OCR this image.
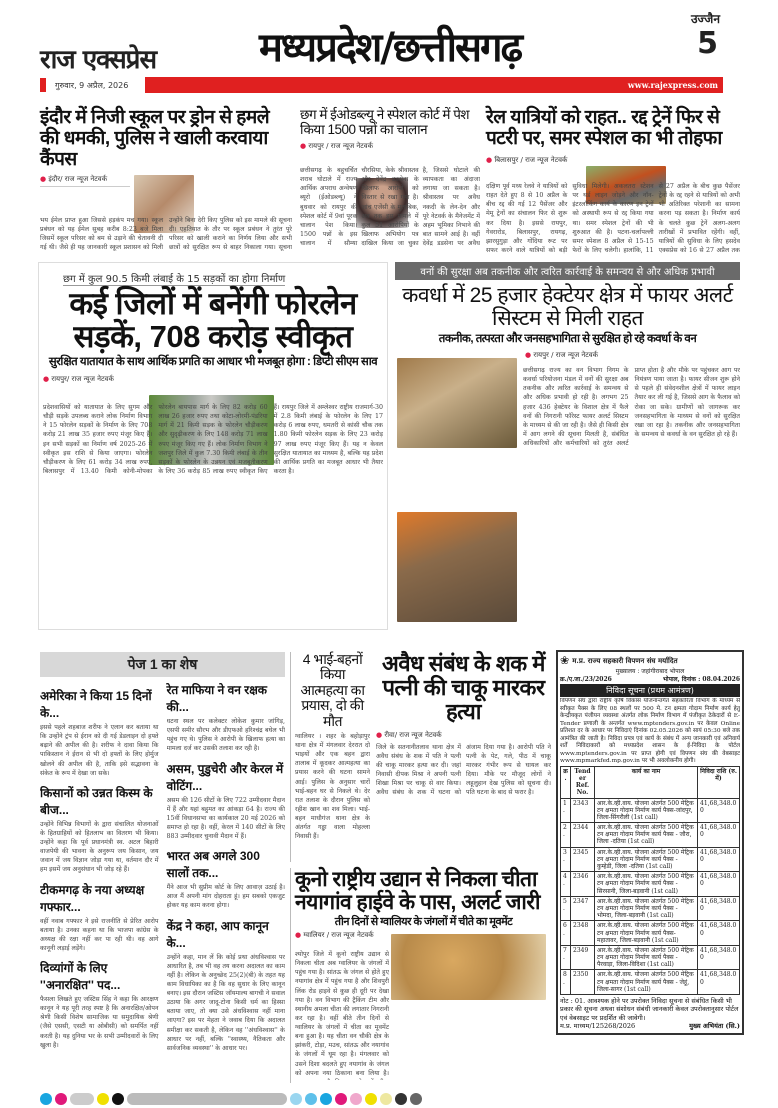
राज एक्सप्रेस
गुरुवार, 9 अप्रैल, 2026
मध्यप्रदेश/छत्तीसगढ़
उज्जैन
5
www.rajexpress.com
इंदौर में निजी स्कूल पर ड्रोन से हमले की धमकी, पुलिस ने खाली करवाया कैंपस
● इंदौर/ राज न्यूज नेटवर्क
भय ईमेल प्राप्त हुआ जिससे हड़कंप मच गया। स्कूल प्रबंधन को यह ईमेल सुबह करीब 8:23 बजे मिला जिसमें स्कूल परिसर को बम से उड़ाने की चेतावनी दी गई थी। जैसे ही यह जानकारी स्कूल प्रशासन को मिली उन्होंने बिना देरी किए पुलिस को इस मामले की सूचना दी। एहतियात के तौर पर स्कूल प्रबंधन ने तुरंत पूरे परिसर को खाली कराने का निर्णय लिया और सभी छात्रों को सुरक्षित रूप से बाहर निकाला गया। सूचना
छग में ईओडब्ल्यू ने स्पेशल कोर्ट में पेश किया 1500 पन्नों का चालान
● रायपुर / राज न्यूज नेटवर्क
छत्तीसगढ़ के बहुचर्चित शराब घोटाले में राज्य आर्थिक अपराध अन्वेषण ब्यूरो (ईओडब्ल्यू) ने बुधवार को रायपुर की स्पेशल कोर्ट में 9वां पूरक चालान पेश किया। 1500 पन्नों के इस चालान में सौम्या चौरसिया, केके श्रीवास्तव और देवेंद्र डडसेना के खिलाफ आरोपों को विस्तार से रखा गया है। जांच एजेंसी के मुताबिक, अब तक इस मामले में कुल 51 आरोपियों के खिलाफ अभियोग पत्र दाखिल किया जा चुका है, जिससे घोटाले की व्यापकता का अंदाजा लगाया जा सकता है। श्रीवास्तव पर अवैध नकदी के लेन-देन और पूरे नेटवर्क के मैनेजमेंट में अहम भूमिका निभाने की बात सामने आई है। वहीं देवेंद्र डडसेना पर अवैध
रेल यात्रियों को राहत.. रद्द ट्रेनें फिर से पटरी पर, समर स्पेशल का भी तोहफा
● बिलासपुर / राज न्यूज नेटवर्क
दक्षिण पूर्व मध्य रेलवे ने यात्रियों को राहत देते हुए 8 से 10 अप्रैल के बीच रद्द की गई 12 पैसेंजर और मेमू ट्रेनों का संचालन फिर से शुरू कर दिया है। इससे रायपुर, गेवरारोड, बिलासपुर, रायगढ़, झारसुगुड़ा और गोंदिया रूट पर सफर करने वाले यात्रियों को बड़ी सुविधा मिलेगी। अकलतरा स्टेशन पर थर्ड लाइन जोड़ने और नॉन-इंटरलॉकिंग कार्य के कारण इन ट्रेनों को अस्थायी रूप से रद्द किया गया था। समर स्पेशल ट्रेनों की भी शुरुआत की है। पटना-चर्लापल्ली समर स्पेशल 8 अप्रैल से 15-15 फेरों के लिए चलेगी। हालांकि, 11 से 27 अप्रैल के बीच कुछ पैसेंजर ट्रेनों के रद्द रहने से यात्रियों को अभी भी अतिरिक्त परेशानी का सामना करना पड़ सकता है। निर्माण कार्य के चलते कुछ ट्रेनें अलग-अलग तारीखों में प्रभावित रहेंगी। वहीं, यात्रियों की सुविधा के लिए हसदेव एक्सप्रेस को 16 से 27 अप्रैल तक
छग में कुल 90.5 किमी लंबाई के 15 सड़कों का होगा निर्माण
कई जिलों में बनेंगी फोरलेन सड़कें, 708 करोड़ स्वीकृत
सुरक्षित यातायात के साथ आर्थिक प्रगति का आधार भी मजबूत होगा : डिप्टी सीएम साव
● रायपुर/ राज न्यूज नेटवर्क
प्रदेशवासियों को यातायात के लिए सुगम और चौड़ी सड़कें उपलब्ध कराने लोक निर्माण विभाग ने 15 फोरलेन सड़कों के निर्माण के लिए 708 करोड़ 21 लाख 35 हजार रुपए मंजूर किए हैं। इन सभी सड़कों का निर्माण वर्ष 2025-26 में स्वीकृत इस राशि से किया जाएगा। फोरलेन चौड़ीकरण के लिए 61 करोड़ 34 लाख रुपए, बिलासपुर में 13.40 किमी कोनी-मोपका फोरलेन बायपास मार्ग के लिए 82 करोड़ 60 लाख 26 हजार रुपए तथा कोटा-लोरमी-पंडरिया मार्ग में 21 किमी सड़क के फोरलेन चौड़ीकरण और सुदृढ़ीकरण के लिए 148 करोड़ 71 लाख रुपए मंजूर किए गए हैं। लोक निर्माण विभाग ने जशपुर जिले में कुल 7.30 किमी लंबाई के तीन सड़कों के फोरलेन के उन्नयन एवं मजबूतीकरण के लिए 36 करोड़ 85 लाख रुपए स्वीकृत किए हैं। रायपुर जिले में अम्लेश्वर राष्ट्रीय राजमार्ग-30 में 2.8 किमी लंबाई के फोरलेन के लिए 17 करोड़ 6 लाख रुपए, धमतरी से कांसी चौक तक 1.80 किमी फोरलेन सड़क के लिए 23 करोड़ 97 लाख रुपए मंजूर किए हैं। यह न केवल सुरक्षित यातायात का माध्यम है, बल्कि यह प्रदेश की आर्थिक प्रगति का मजबूत आधार भी तैयार करता है।
वनों की सुरक्षा अब तकनीक और त्वरित कार्रवाई के समन्वय से और अधिक प्रभावी
कवर्धा में 25 हजार हेक्टेयर क्षेत्र में फायर अलर्ट सिस्टम से मिली राहत
तकनीक, तत्परता और जनसहभागिता से सुरक्षित हो रहे कवर्धा के वन
● रायपुर / राज न्यूज नेटवर्क
छत्तीसगढ़ राज्य का वन विभाग निगम के कवर्धा परियोजना मंडल में वनों की सुरक्षा अब तकनीक और त्वरित कार्रवाई के समन्वय से और अधिक प्रभावी हो रही है। लगभग 25 हजार 436 हेक्टेयर के विशाल क्षेत्र में फैले वनों की निगरानी फॉरेस्ट फायर अलर्ट सिस्टम के माध्यम से की जा रही है। जैसे ही किसी क्षेत्र में आग लगने की सूचना मिलती है, संबंधित अधिकारियों और कर्मचारियों को तुरंत अलर्ट प्राप्त होता है और मौके पर पहुंचकर आग पर नियंत्रण पाया जाता है। फायर सीजन शुरू होने से पहले ही संवेदनशील क्षेत्रों में फायर लाइन तैयार कर ली गई है, जिससे आग के फैलाव को रोका जा सके। ग्रामीणों को जागरूक कर जनसहभागिता के माध्यम से वनों को सुरक्षित रखा जा रहा है। तकनीक और जनसहभागिता के समन्वय से कवर्धा के वन सुरक्षित हो रहे हैं।
पेज 1 का शेष
अमेरिका ने किया 15 दिनों के...
इससे पहले शहबाज शरीफ ने एलान कर बताया था कि उन्होंने ट्रंप से ईरान को दी गई डेडलाइन दो हफ्ते बढ़ाने की अपील की है। शरीफ ने दावा किया कि पाकिस्तान ने ईरान से भी दो हफ्तों के लिए होर्मुज खोलने की अपील की है, ताकि इसे सद्भावना के संकेत के रूप में देखा जा सके।
किसानों को उन्नत किस्म के बीज...
उन्होंने विभिन्न विभागों के द्वारा संचालित योजनाओं के हितग्राहियों को हितलाभ का वितरण भी किया। उन्होंने कहा कि पूर्व प्रधानमंत्री स्व. अटल बिहारी वाजपेयी की भावना के अनुरूप जय किसान, जय जवान में जय विज्ञान जोड़ा गया था, वर्तमान दौर में हम इसमें जय अनुसंधान भी जोड़ रहे हैं।
टीकमगढ़ के नया अध्यक्ष गफ्फार...
वहीं नवाब गफ्फार ने इसे राजनीति से प्रेरित आरोप बताया है। उनका कहना था कि भाजपा कांग्रेस के अध्यक्ष की रक्षा नहीं कर पा रही थी। वह आगे कानूनी लड़ाई लड़ेंगे।
दिव्यांगों के लिए ''अनारक्षित'' पद...
फैसला लिखते हुए जस्टिस सिंह ने कहा कि आरक्षण कानून ने यह पूरी तरह स्पष्ट है कि अनारक्षित/ओपन श्रेणी किसी विशेष सामाजिक या समुदायिक श्रेणी (जैसे एससी, एसटी या ओबीसी) को समर्पित नहीं करती है। यह दुनिया भर के सभी उम्मीदवारों के लिए खुला है।
रेत माफिया ने वन रक्षक की...
घटना स्थल पर कलेक्टर लोकेश कुमार जांगिड़, एसपी समीर सौरभ और डीएफओ हरिश्चंद्र बघेल भी पहुंच गए थे। पुलिस ने आरोपी के खिलाफ हत्या का मामला दर्ज कर उसकी तलाश कर रही है।
असम, पुडुचेरी और केरल में वोटिंग...
असम की 126 सीटों के लिए 722 उम्मीदवार मैदान में हैं और यहां बहुमत का आंकड़ा 64 है। राज्य की 15वीं विधानसभा का कार्यकाल 20 मई 2026 को समाप्त हो रहा है। वहीं, केरल में 140 सीटों के लिए 883 उम्मीदवार चुनावी मैदान में हैं।
भारत अब अगले 300 सालों तक...
मैंने आज भी सुप्रीम कोर्ट के लिए आवाज़ उठाई है। आज मैं अपनी मांग दोहराता हूं। हम सबको एकजुट होकर यह काम करना होगा।
केंद्र ने कहा, आप कानून के...
उन्होंने कहा, मान लें कि कोई प्रथा अंधविश्वास पर आधारित है, तब भी वह तय करना अदालत का काम नहीं है। लेकिन के अनुच्छेद 25(2)(बी) के तहत यह काम विधायिका का है कि वह सुधार के लिए कानून बनाए। इस दौरान जस्टिस जॉयमाल्य बागची ने सवाल उठाया कि अगर जादू-टोना किसी धर्म का हिस्सा बताया जाए, तो क्या उसे अंधविश्वास नहीं माना जाएगा? इस पर मेहता ने जवाब दिया कि अदालत समीक्षा कर सकती है, लेकिन वह ''अंधविश्वास'' के आधार पर नहीं, बल्कि ''स्वास्थ्य, नैतिकता और सार्वजनिक व्यवस्था'' के आधार पर।
4 भाई-बहनों किया आत्महत्या का प्रयास, दो की मौत
ग्वालियर । शहर के बहोड़ापुर थाना क्षेत्र में मंगलवार देररात दो भाइयों और एक बहन द्वारा तालाब में कूदकर आत्महत्या का प्रयास करने की घटना सामने आई। पुलिस के अनुसार चारों भाई-बहन घर से निकले थे। देर रात तलाश के दौरान पुलिस को रहीश खान का शव मिला। भाई-बहन माधौगंज थाना क्षेत्र के अंतर्गत गड्ढा वाला मोहल्ला निवासी हैं।
अवैध संबंध के शक में पत्नी की चाकू मारकर हत्या
● रीवा/ राज न्यूज नेटवर्क
जिले के सतनानीतलाव थाना क्षेत्र में अवैध संबंध के शक में पति ने पत्नी की चाकू मारकर हत्या कर दी। जहां निवासी दीपक मिश्रा ने अपनी पत्नी शिखा मिश्रा पर चाकू से वार किया। अवैध संबंध के शक में घटना को अंजाम दिया गया है। आरोपी पति ने पत्नी के पेट, गले, पीठ में चाकू मारकर गंभीर रूप से घायल कर दिया। मौके पर मौजूद लोगों ने लहूलुहान देख पुलिस को सूचना दी। पति घटना के बाद से फरार है।
कूनो राष्ट्रीय उद्यान से निकला चीता नयागांव हाईवे के पास, अलर्ट जारी
तीन दिनों से ग्वालियर के जंगलों में चीते का मूवमेंट
● ग्वालियर / राज न्यूज नेटवर्क
श्योपुर जिले में कूनो राष्ट्रीय उद्यान से निकला चीता अब ग्वालियर के जंगलों में पहुंच गया है। सांतऊ के जंगल से होते हुए नयागांव क्षेत्र में पहुंच गया है और शिवपुरी लिंक रोड हाइवे से कुछ ही दूरी पर देखा गया है। वन विभाग की ट्रैकिंग टीम और स्थानीय अमला चीता की लगातार निगरानी कर रहा है। वहीं बीते तीन दिनों से ग्वालियर के जंगलों में चीता का मूवमेंट बना हुआ है। यह चीता वन चौकी क्षेत्र के झांकरी, टोड़ा, मउच, सांतऊ और नयागांव के जंगलों में घूम रहा है। मंगलवार को उसने दिशा बदलते हुए नयागांव के जंगल को अपना नया ठिकाना बना लिया है।
❀ म.प्र. राज्य सहकारी विपणन संघ मर्यादित
मुख्यालय : जहांगीराबाद भोपाल
क्र./ए.जा./23/2026	भोपाल, दिनांक : 08.04.2026
निविदा सूचना (प्रथम आमंत्रण)
विपणन संघ द्वारा राष्ट्रीय कृषि विकास योजनान्तर्गत सहकारिता विभाग के माध्यम से स्वीकृत पैक्स के लिए 08 स्थलों पर 500 मे. टन क्षमता गोदाम निर्माण कार्य हेतु केन्द्रीयकृत पंजीयन व्यवस्था अंतर्गत लोक निर्माण विभाग में पंजीकृत ठेकेदारों से E-Tender प्रणाली के अन्तर्गत www.mptenders.gov.in पर केवल Online प्रतिशत दर के आधार पर निविदाएं दिनांक 02.05.2026 को सायं 05:30 बजे तक आमंत्रित की जाती है। निविदा प्रपत्र एवं कार्य के संबंध में अन्य जानकारी एवं अनिवार्य शर्तें निविदाकारों को मध्यप्रदेश शासन के ई-निविदा के पोर्टल www.mptenders.gov.in पर प्राप्त होगी एवं विपणन संघ की वेबसाइट www.mpmarkfed.mp.gov.in पर भी अवलोकनीय होगी।
क्र.	Tender Ref. No.	कार्य का नाम	निविदा राशि (रु. में)
1.	2343	आर.के.व्ही.वाय. योजना अंतर्गत 500 मेट्रिक टन क्षमता गोदाम निर्माण कार्य पैक्स-जांदपुर, जिला-सिंगरौली (1st call)	41,68,348.00
2.	2344	आर.के.व्ही.वाय. योजना अंतर्गत 500 मेट्रिक टन क्षमता गोदाम निर्माण कार्य पैक्स - जौरा, जिला -दतिया (1st call)	41,68,348.00
3.	2345	आर.के.व्ही.वाय. योजना अंतर्गत 500 मेट्रिक टन क्षमता गोदाम निर्माण कार्य पैक्स - कुम्हेडी, जिला -दतिया (1st call)	41,68,348.00
4.	2346	आर.के.व्ही.वाय. योजना अंतर्गत 500 मेट्रिक टन क्षमता गोदाम निर्माण कार्य पैक्स - सिरसानी, जिला-बड़वानी (1st call)	41,68,348.00
5.	2347	आर.के.व्ही.वाय. योजना अंतर्गत 500 मेट्रिक टन क्षमता गोदाम निर्माण कार्य पैक्स - भोमदा, जिला-बड़वानी (1st call)	41,68,348.00
6.	2348	आर.के.व्ही.वाय. योजना अंतर्गत 500 मेट्रिक टन क्षमता गोदाम निर्माण कार्य पैक्स-महातावर, जिला-बड़वानी (1st call)	41,68,348.00
7.	2349	आर.के.व्ही.वाय. योजना अंतर्गत 500 मेट्रिक टन क्षमता गोदाम निर्माण कार्य पैक्स - पैरवाड़ा, जिला-विदिशा (1st call)	41,68,348.00
8.	2350	आर.के.व्ही.वाय. योजना अंतर्गत 500 मेट्रिक टन क्षमता गोदाम निर्माण कार्य पैक्स - जेहूं, जिला-सागर (1st call)	41,68,348.00
नोट : 01. आवश्यक होने पर उपरोक्त निविदा सूचना से संबंधित किसी भी प्रकार की सूचना अथवा संशोधन संबंधी जानकारी केवल उपरोक्तानुसार पोर्टल एवं वेबसाइट पर प्रदर्शित की जावेगी।
म.प्र. माध्यम/125268/2026	मुख्य अभियंता (सि.)
